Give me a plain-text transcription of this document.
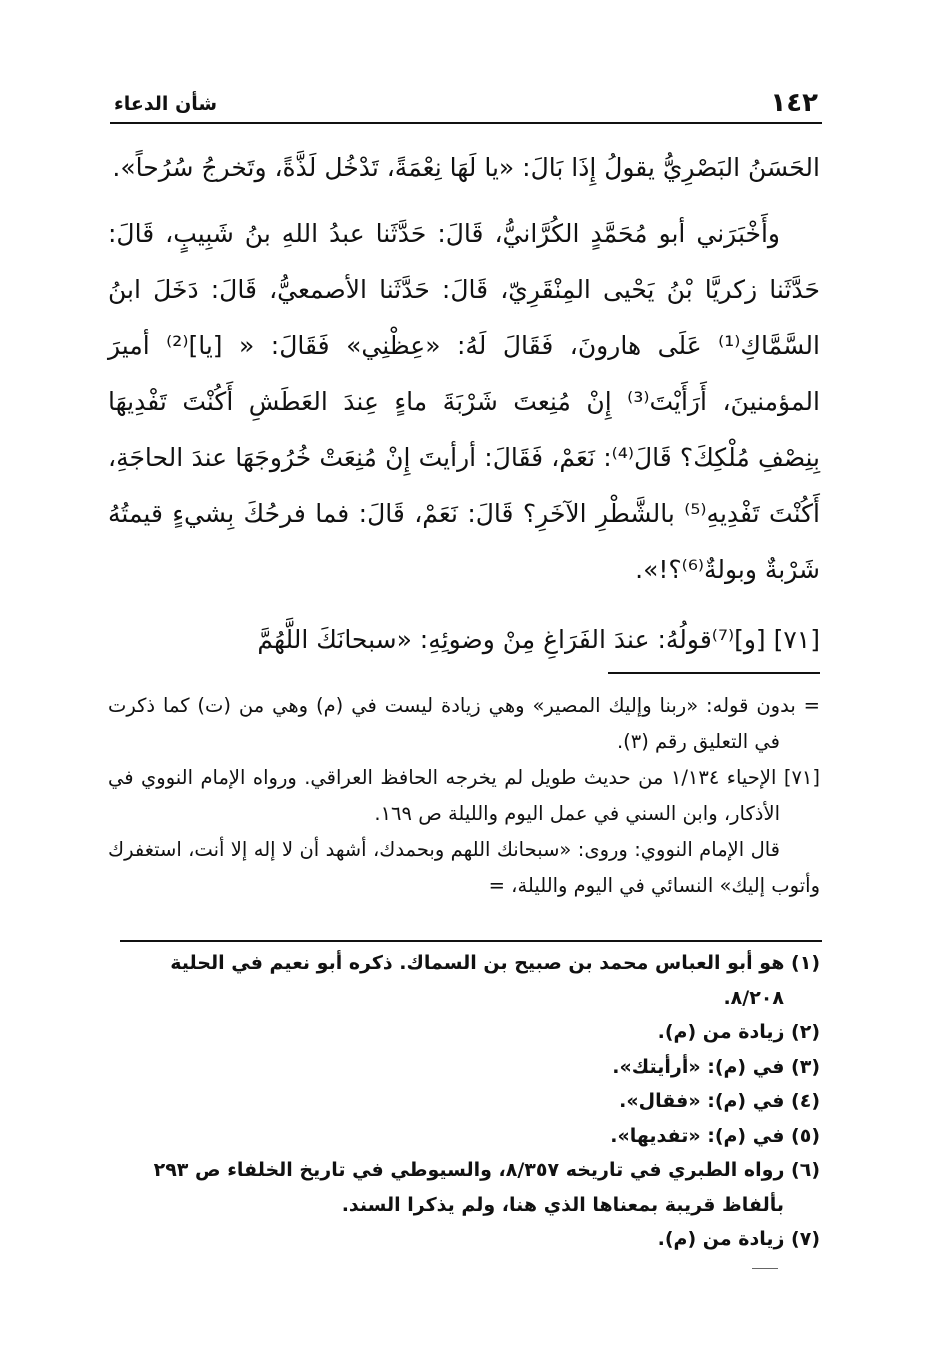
١٤٢
شأن الدعاء

الحَسَنُ البَصْرِيُّ يقولُ إِذَا بَالَ: «يا لَهَا نِعْمَةً، تَدْخُل لَذَّةً، وتَخرجُ سُرُحاً».

وأَخْبَرَني أبو مُحَمَّدٍ الكُرَّانيُّ، قَالَ: حَدَّثَنا عبدُ اللهِ بنُ شَبِيبٍ، قَالَ: حَدَّثَنا زكريَّا بْنُ يَحْيى المِنْقَرِيّ، قَالَ: حَدَّثَنا الأصمعيُّ، قَالَ: دَخَلَ ابنُ السَّمَّاكِ⁽¹⁾ عَلَى هارونَ، فَقَالَ لَهُ: «عِظْنِي» فَقَالَ: « [يا]⁽²⁾ أميرَ المؤمنينَ، أَرَأَيْتَ⁽³⁾ إِنْ مُنِعتَ شَرْبَةَ ماءٍ عِندَ العَطَشِ أَكُنْتَ تَفْدِيهَا بِنِصْفِ مُلْكِكَ؟ قَالَ⁽⁴⁾: نَعَمْ، فَقَالَ: أرأيتَ إِنْ مُنِعَتْ خُرُوجَهَا عندَ الحاجَةِ، أَكُنْتَ تَفْدِيهِ⁽⁵⁾ بالشَّطْرِ الآخَرِ؟ قَالَ: نَعَمْ، قَالَ: فما فرحُكَ بِشيءٍ قيمتُهُ شَرْبةٌ وبولةٌ⁽⁶⁾؟!».

[٧١] [و]⁽⁷⁾قولُهُ: عندَ الفَرَاغِ مِنْ وضوئِهِ: «سبحانَكَ اللَّهُمَّ

= بدون قوله: «ربنا وإليك المصير» وهي زيادة ليست في (م) وهي من (ت) كما ذكرت في التعليق رقم (٣).

[٧١] الإحياء ١/١٣٤ من حديث طويل لم يخرجه الحافظ العراقي. ورواه الإمام النووي في الأذكار، وابن السني في عمل اليوم والليلة ص ١٦٩.

قال الإمام النووي: وروى: «سبحانك اللهم وبحمدك، أشهد أن لا إله إلا أنت، استغفرك وأتوب إليك» النسائي في اليوم والليلة، =

(١) هو أبو العباس محمد بن صبيح بن السماك. ذكره أبو نعيم في الحلية ٨/٢٠٨.

(٢) زيادة من (م).

(٣) في (م): «أرأيتك».

(٤) في (م): «فقال».

(٥) في (م): «تفديها».

(٦) رواه الطبري في تاريخه ٨/٣٥٧، والسيوطي في تاريخ الخلفاء ص ٢٩٣ بألفاظ قريبة بمعناها الذي هنا، ولم يذكرا السند.

(٧) زيادة من (م).
